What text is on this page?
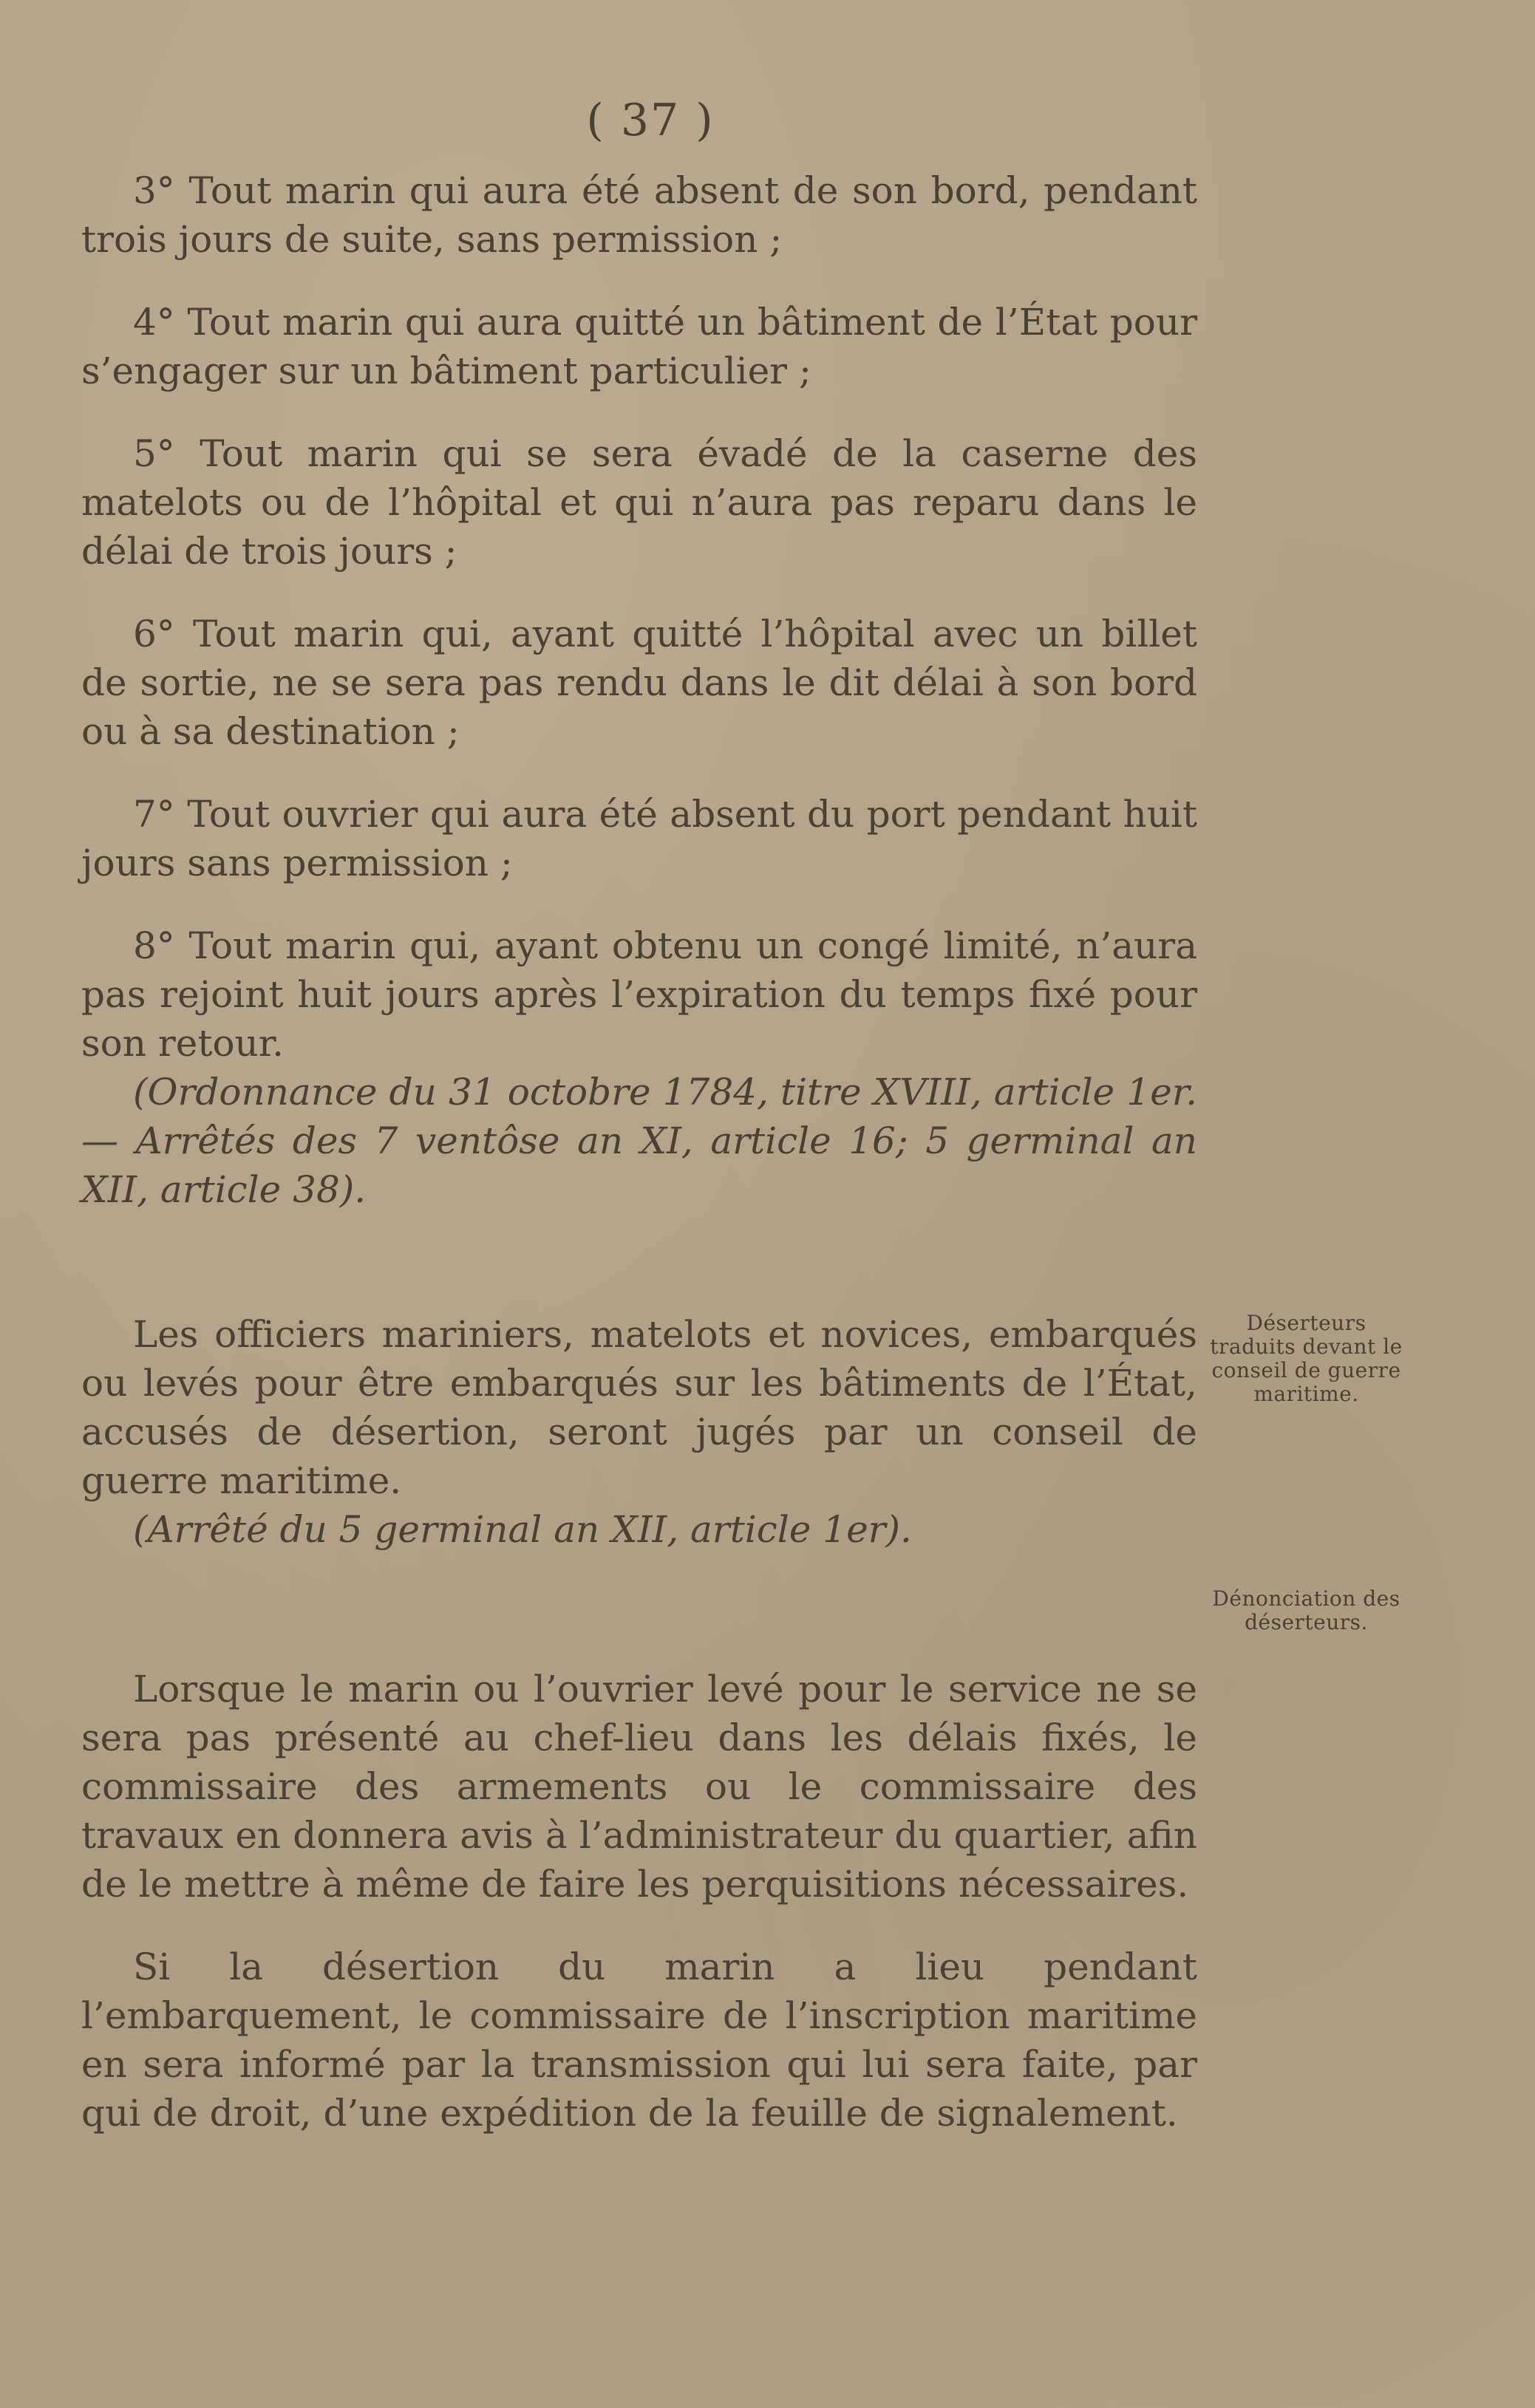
( 37 )

3° Tout marin qui aura été absent de son bord, pendant trois jours de suite, sans permission ;

4° Tout marin qui aura quitté un bâtiment de l’État pour s’engager sur un bâtiment particulier ;

5° Tout marin qui se sera évadé de la caserne des matelots ou de l’hôpital et qui n’aura pas reparu dans le délai de trois jours ;

6° Tout marin qui, ayant quitté l’hôpital avec un billet de sortie, ne se sera pas rendu dans le dit délai à son bord ou à sa destination ;

7° Tout ouvrier qui aura été absent du port pendant huit jours sans permission ;

8° Tout marin qui, ayant obtenu un congé limité, n’aura pas rejoint huit jours après l’expiration du temps fixé pour son retour.

(Ordonnance du 31 octobre 1784, titre XVIII, article 1er. — Arrêtés des 7 ventôse an XI, article 16; 5 germinal an XII, article 38).

Les officiers mariniers, matelots et novices, embarqués ou levés pour être embarqués sur les bâtiments de l’État, accusés de désertion, seront jugés par un conseil de guerre maritime.

(Arrêté du 5 germinal an XII, article 1er).

Lorsque le marin ou l’ouvrier levé pour le service ne se sera pas présenté au chef-lieu dans les délais fixés, le commissaire des armements ou le commissaire des travaux en donnera avis à l’administrateur du quartier, afin de le mettre à même de faire les perquisitions nécessaires.

Si la désertion du marin a lieu pendant l’embarquement, le commissaire de l’inscription maritime en sera informé par la transmission qui lui sera faite, par qui de droit, d’une expédition de la feuille de signalement.

Déserteurs traduits devant le conseil de guerre maritime.
Dénonciation des déserteurs.
